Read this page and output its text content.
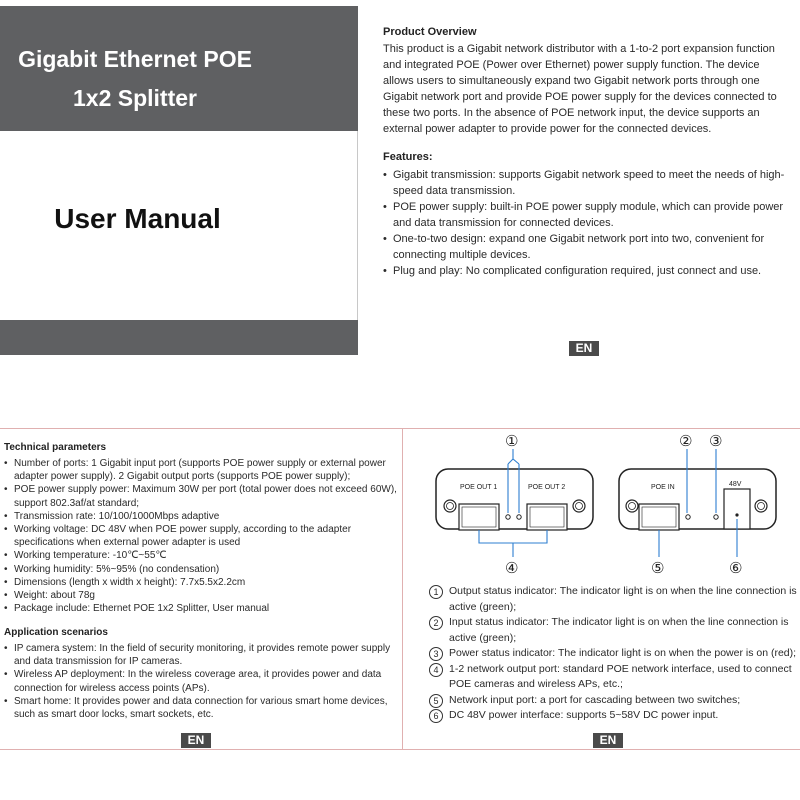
Gigabit Ethernet POE
1x2 Splitter
User Manual
Product Overview
This product is a Gigabit network distributor with a 1-to-2 port expansion function and integrated POE (Power over Ethernet) power supply function. The device allows users to simultaneously expand two Gigabit network ports through one Gigabit network port and provide POE power supply for the devices connected to these two ports. In the absence of POE network input, the device supports an external power adapter to provide power for the connected devices.
Features:
• Gigabit transmission: supports Gigabit network speed to meet the needs of high-speed data transmission.
• POE power supply: built-in POE power supply module, which can provide power and data transmission for connected devices.
• One-to-two design: expand one Gigabit network port into two, convenient for connecting multiple devices.
• Plug and play: No complicated configuration required, just connect and use.
EN
Technical parameters
• Number of ports: 1 Gigabit input port (supports POE power supply or external power adapter power supply). 2 Gigabit output ports (supports POE power supply);
• POE power supply power: Maximum 30W per port (total power does not exceed 60W), support 802.3af/at standard;
• Transmission rate: 10/100/1000Mbps adaptive
• Working voltage: DC 48V when POE power supply, according to the adapter specifications when external power adapter is used
• Working temperature: -10℃~55℃
• Working humidity: 5%~95% (no condensation)
• Dimensions (length x width x height): 7.7x5.5x2.2cm
• Weight: about 78g
• Package include: Ethernet POE 1x2 Splitter, User manual
Application scenarios
• IP camera system: In the field of security monitoring, it provides remote power supply and data transmission for IP cameras.
• Wireless AP deployment: In the wireless coverage area, it provides power and data connection for wireless access points (APs).
• Smart home: It provides power and data connection for various smart home devices, such as smart door locks, smart sockets, etc.
EN
POE OUT 1	POE OUT 2	POE IN	48V
①	② ③
④	⑤	⑥
1	Output status indicator: The indicator light is on when the line connection is active (green);
2	Input status indicator: The indicator light is on when the line connection is active (green);
3	Power status indicator: The indicator light is on when the power is on (red);
4	1-2 network output port: standard POE network interface, used to connect POE cameras and wireless APs, etc.;
5	Network input port: a port for cascading between two switches;
6	DC 48V power interface: supports 5~58V DC power input.
EN
